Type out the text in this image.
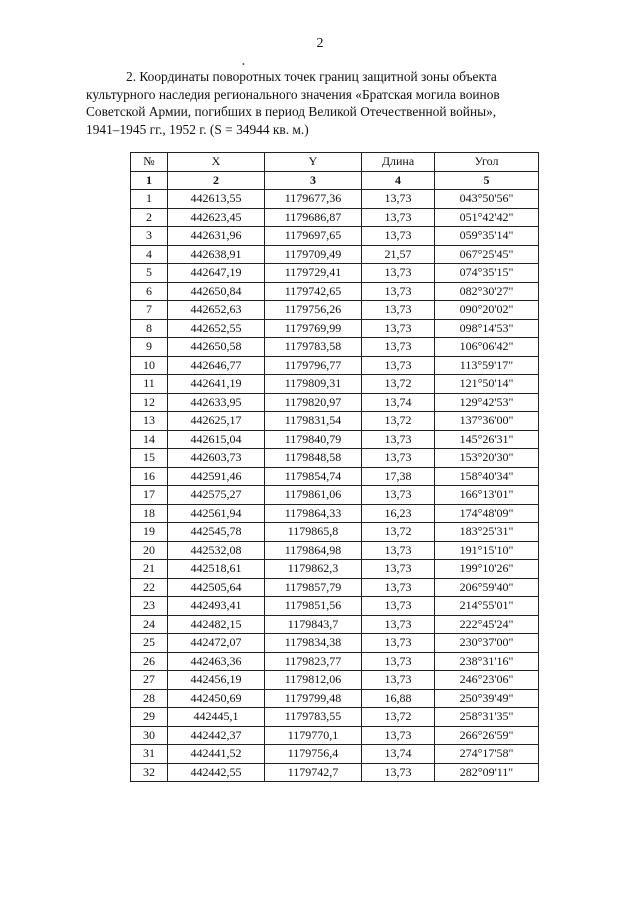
2
•
2. Координаты поворотных точек границ защитной зоны объекта
культурного наследия регионального значения «Братская могила воинов
Советской Армии, погибших в период Великой Отечественной войны»,
1941–1945 гг., 1952 г. (S = 34944 кв. м.)
№	X	Y	Длина	Угол
1	2	3	4	5
1	442613,55	1179677,36	13,73	043°50'56"
2	442623,45	1179686,87	13,73	051°42'42"
3	442631,96	1179697,65	13,73	059°35'14"
4	442638,91	1179709,49	21,57	067°25'45"
5	442647,19	1179729,41	13,73	074°35'15"
6	442650,84	1179742,65	13,73	082°30'27"
7	442652,63	1179756,26	13,73	090°20'02"
8	442652,55	1179769,99	13,73	098°14'53"
9	442650,58	1179783,58	13,73	106°06'42"
10	442646,77	1179796,77	13,73	113°59'17"
11	442641,19	1179809,31	13,72	121°50'14"
12	442633,95	1179820,97	13,74	129°42'53"
13	442625,17	1179831,54	13,72	137°36'00"
14	442615,04	1179840,79	13,73	145°26'31"
15	442603,73	1179848,58	13,73	153°20'30"
16	442591,46	1179854,74	17,38	158°40'34"
17	442575,27	1179861,06	13,73	166°13'01"
18	442561,94	1179864,33	16,23	174°48'09"
19	442545,78	1179865,8	13,72	183°25'31"
20	442532,08	1179864,98	13,73	191°15'10"
21	442518,61	1179862,3	13,73	199°10'26"
22	442505,64	1179857,79	13,73	206°59'40"
23	442493,41	1179851,56	13,73	214°55'01"
24	442482,15	1179843,7	13,73	222°45'24"
25	442472,07	1179834,38	13,73	230°37'00"
26	442463,36	1179823,77	13,73	238°31'16"
27	442456,19	1179812,06	13,73	246°23'06"
28	442450,69	1179799,48	16,88	250°39'49"
29	442445,1	1179783,55	13,72	258°31'35"
30	442442,37	1179770,1	13,73	266°26'59"
31	442441,52	1179756,4	13,74	274°17'58"
32	442442,55	1179742,7	13,73	282°09'11"
